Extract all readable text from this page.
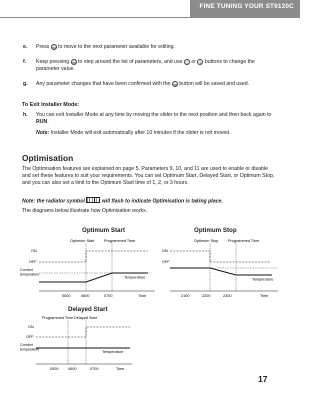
FINE TUNING YOUR ST9120C
e. Press OK to move to the next parameter available for editing.
f. Keep pressing OK to step around the list of parameters, and use − or + buttons to change the parameter value.
g. Any parameter changes that have been confirmed with the OK button will be saved and used.
To Exit Installer Mode:
h. You can exit Installer Mode at any time by moving the slider to the next position and then back again to RUN.
Note: Installer Mode will exit automatically after 10 minutes if the slider is not moved.
Optimisation
The Optimisation features are explained on page 5. Parameters 9, 10, and 11 are used to enable or disable and set these features to suit your requirements. You can set Optimum Start, Delayed Start, or Optimum Stop, and you can also set a limit to the Optimum Start time of 1, 2, or 3 hours.
Note: the radiator symbol	will flash to indicate Optimisation is taking place.
The diagrams below illustrate how Optimisation works.
Optimum Start
Optimum Start	Programmed Time
ON
OFF
Comfort
temperature
Temperature
0500	0600	0700	Time
Optimum Stop
Optimum Stop	Programmed Time
ON
OFF
Temperature
2100	2200	2300	Time
Delayed Start
Programmed Time Delayed Start
ON
OFF
Comfort
temperature
Temperature
0500	0600	0700	Time
17
